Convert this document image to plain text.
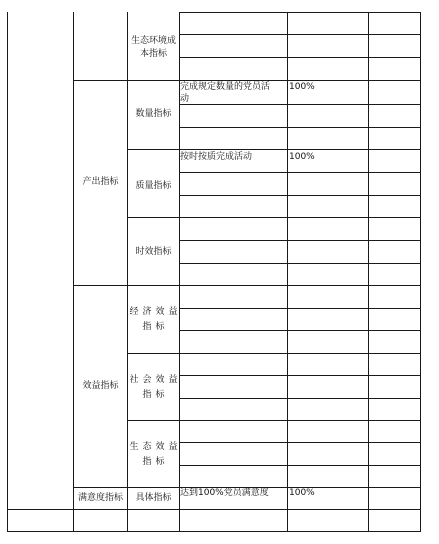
生态环境成
本指标
产出指标
数量指标
完成规定数量的党员活
动
100%
质量指标
按时按质完成活动	100%
时效指标
效益指标
经济效益
指标
社会效益
指标
生态效益
指标
满意度指标	具体指标 达到100%党员满意度 100%
